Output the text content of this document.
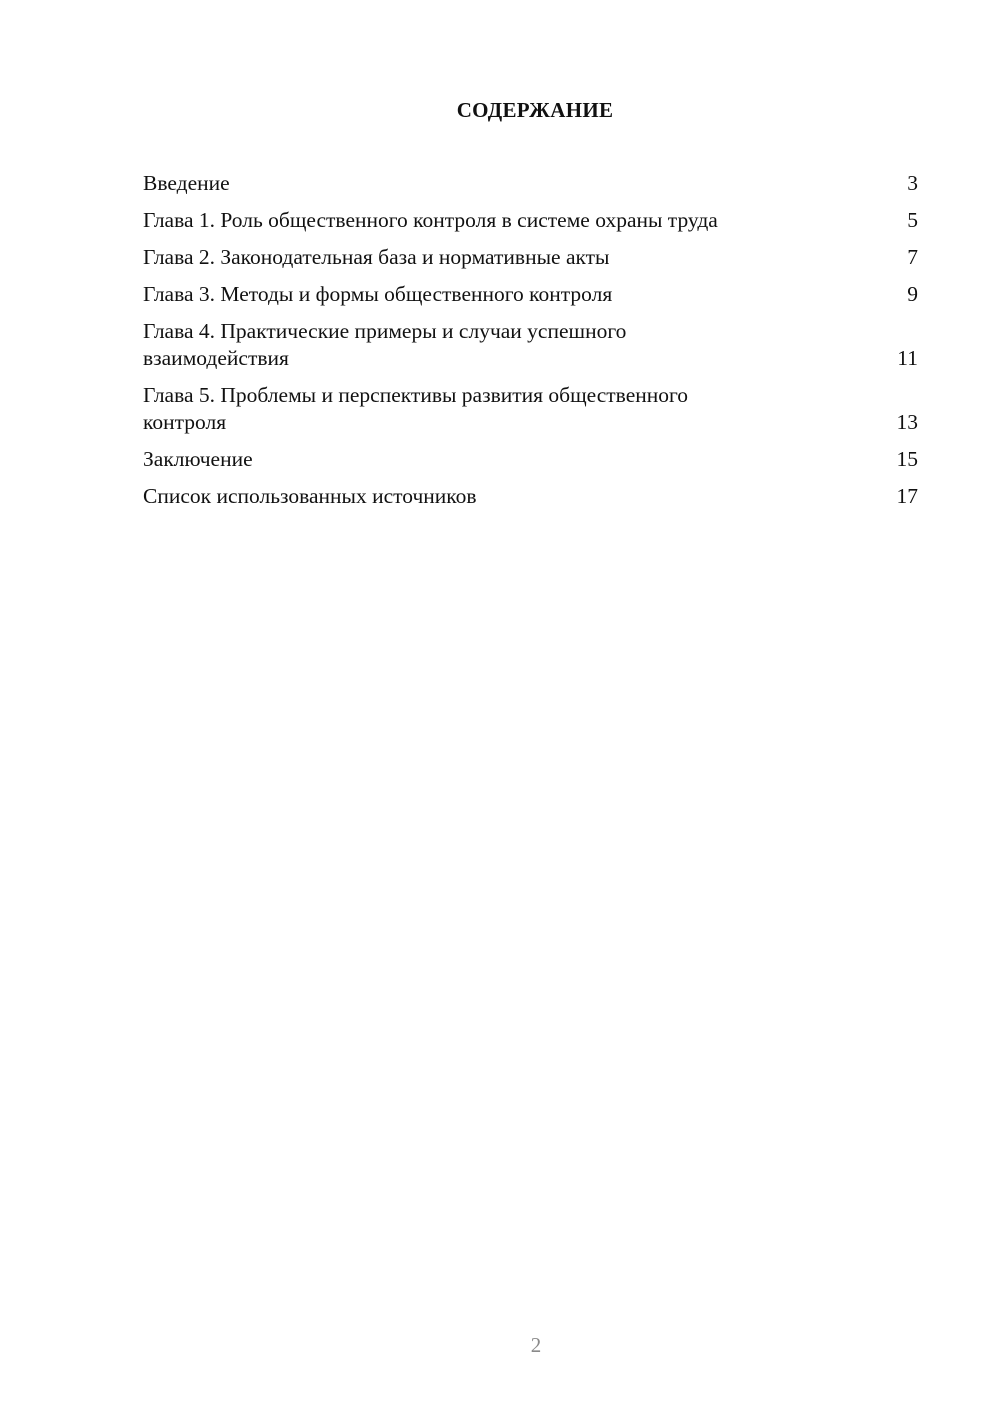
СОДЕРЖАНИЕ
Введение	3
Глава 1. Роль общественного контроля в системе охраны труда	5
Глава 2. Законодательная база и нормативные акты	7
Глава 3. Методы и формы общественного контроля	9
Глава 4. Практические примеры и случаи успешного
взаимодействия	11
Глава 5. Проблемы и перспективы развития общественного
контроля	13
Заключение	15
Список использованных источников	17
2
